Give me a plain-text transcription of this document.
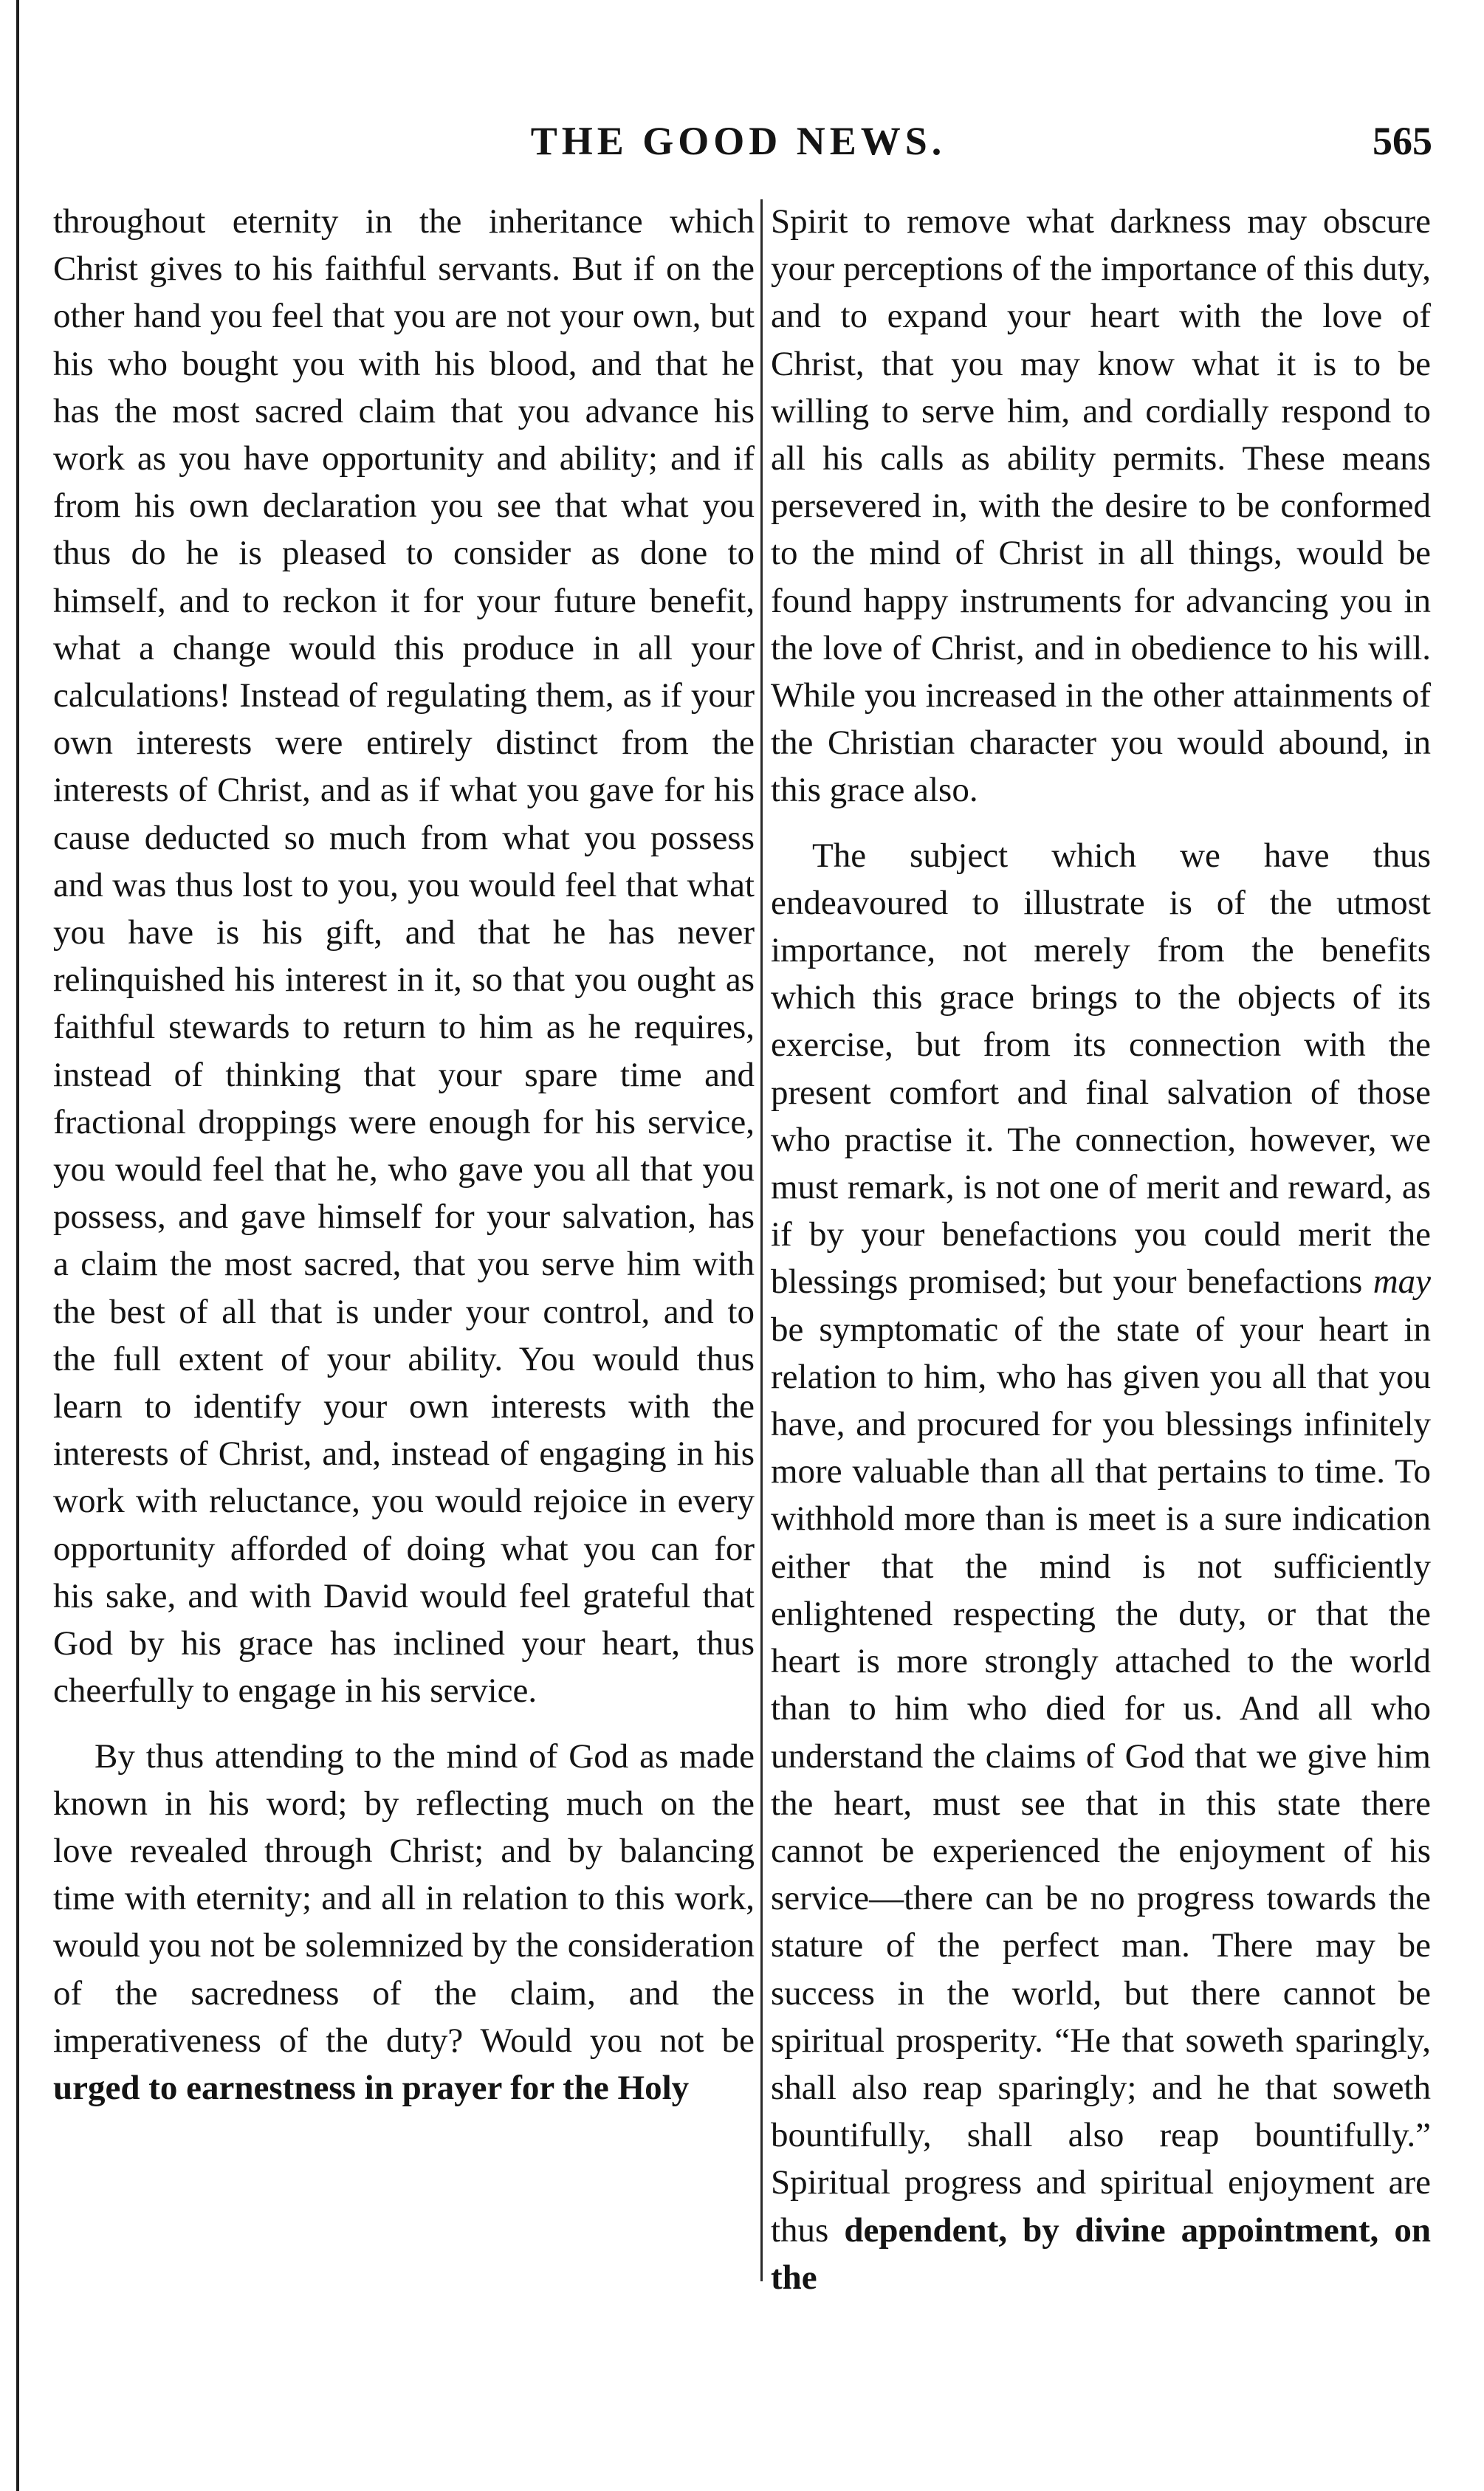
THE GOOD NEWS.	565

throughout eternity in the inheritance which Christ gives to his faithful servants. But if on the other hand you feel that you are not your own, but his who bought you with his blood, and that he has the most sacred claim that you advance his work as you have opportunity and ability; and if from his own declaration you see that what you thus do he is pleased to consider as done to himself, and to reckon it for your future benefit, what a change would this produce in all your calculations! Instead of regulating them, as if your own interests were entirely distinct from the interests of Christ, and as if what you gave for his cause deducted so much from what you possess and was thus lost to you, you would feel that what you have is his gift, and that he has never relinquished his interest in it, so that you ought as faithful stewards to return to him as he requires, instead of thinking that your spare time and fractional droppings were enough for his service, you would feel that he, who gave you all that you possess, and gave himself for your salvation, has a claim the most sacred, that you serve him with the best of all that is under your control, and to the full extent of your ability. You would thus learn to identify your own interests with the interests of Christ, and, instead of engaging in his work with reluctance, you would rejoice in every opportunity afforded of doing what you can for his sake, and with David would feel grateful that God by his grace has inclined your heart, thus cheerfully to engage in his service.

By thus attending to the mind of God as made known in his word; by reflecting much on the love revealed through Christ; and by balancing time with eternity; and all in relation to this work, would you not be solemnized by the consideration of the sacredness of the claim, and the imperativeness of the duty? Would you not be urged to earnestness in prayer for the Holy

Spirit to remove what darkness may obscure your perceptions of the importance of this duty, and to expand your heart with the love of Christ, that you may know what it is to be willing to serve him, and cordially respond to all his calls as ability permits. These means persevered in, with the desire to be conformed to the mind of Christ in all things, would be found happy instruments for advancing you in the love of Christ, and in obedience to his will. While you increased in the other attainments of the Christian character you would abound, in this grace also.

The subject which we have thus endeavoured to illustrate is of the utmost importance, not merely from the benefits which this grace brings to the objects of its exercise, but from its connection with the present comfort and final salvation of those who practise it. The connection, however, we must remark, is not one of merit and reward, as if by your benefactions you could merit the blessings promised; but your benefactions may be symptomatic of the state of your heart in relation to him, who has given you all that you have, and procured for you blessings infinitely more valuable than all that pertains to time. To withhold more than is meet is a sure indication either that the mind is not sufficiently enlightened respecting the duty, or that the heart is more strongly attached to the world than to him who died for us. And all who understand the claims of God that we give him the heart, must see that in this state there cannot be experienced the enjoyment of his service—there can be no progress towards the stature of the perfect man. There may be success in the world, but there cannot be spiritual prosperity. “He that soweth sparingly, shall also reap sparingly; and he that soweth bountifully, shall also reap bountifully.” Spiritual progress and spiritual enjoyment are thus dependent, by divine appointment, on the
